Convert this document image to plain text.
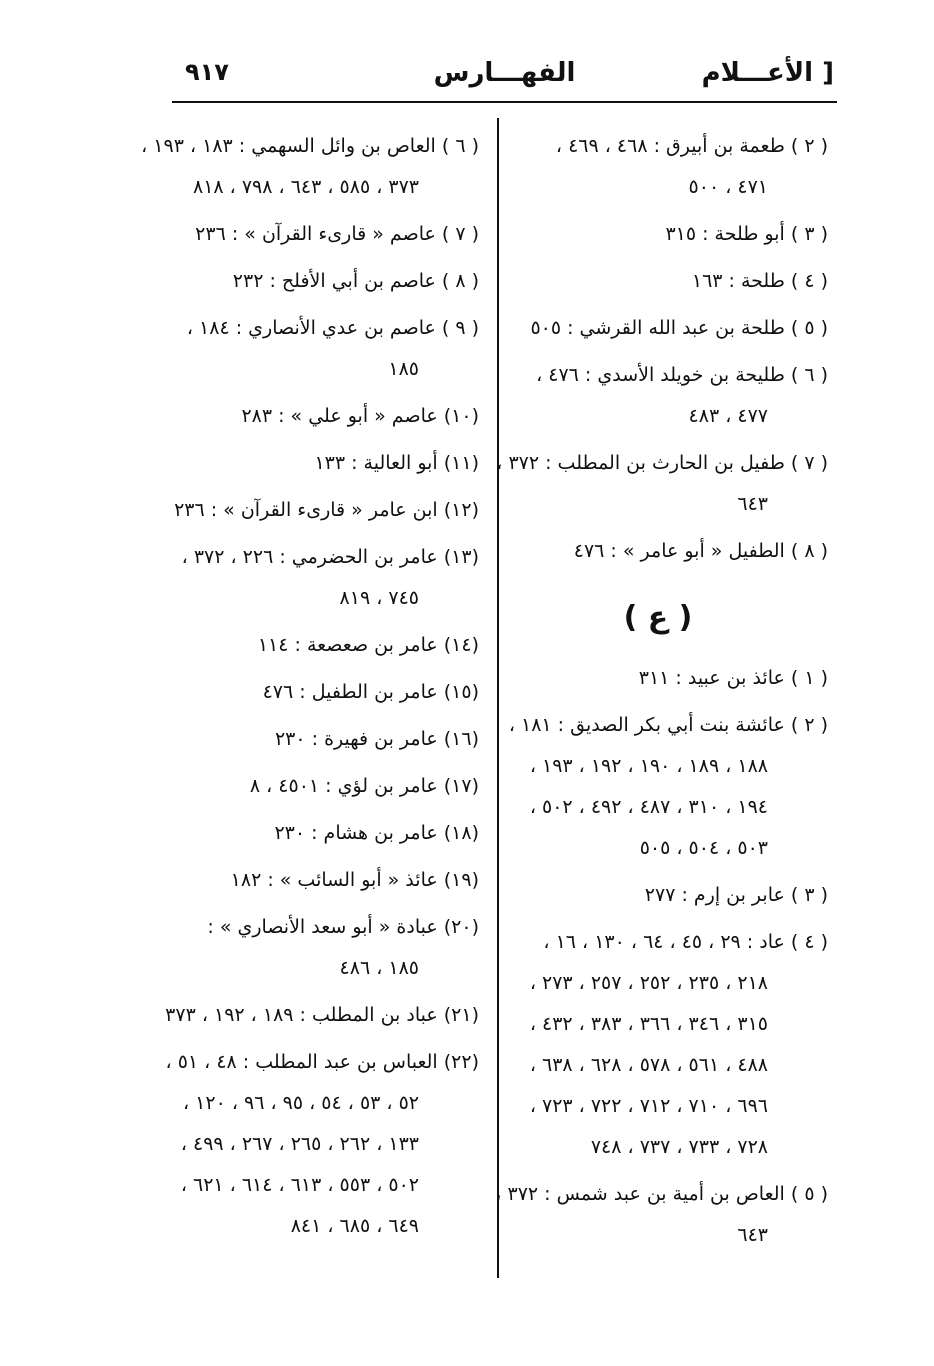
الأعـــلام ]
الفهـــارس
٩١٧
( ٢ ) طعمة بن أبيرق : ٤٦٨ ، ٤٦٩ ،
٤٧١ ، ٥٠٠
( ٣ ) أبو طلحة : ٣١٥
( ٤ ) طلحة : ١٦٣
( ٥ ) طلحة بن عبد الله القرشي : ٥٠٥
( ٦ ) طليحة بن خويلد الأسدي : ٤٧٦ ،
٤٧٧ ، ٤٨٣
( ٧ ) طفيل بن الحارث بن المطلب : ٣٧٢ ،
٦٤٣
( ٨ ) الطفيل « أبو عامر » : ٤٧٦
( ع )
( ١ ) عائذ بن عبيد : ٣١١
( ٢ ) عائشة بنت أبي بكر الصديق : ١٨١ ،
١٨٨ ، ١٨٩ ، ١٩٠ ، ١٩٢ ، ١٩٣ ،
١٩٤ ، ٣١٠ ، ٤٨٧ ، ٤٩٢ ، ٥٠٢ ،
٥٠٣ ، ٥٠٤ ، ٥٠٥
( ٣ ) عابر بن إرم : ٢٧٧
( ٤ ) عاد : ٢٩ ، ٤٥ ، ٦٤ ، ١٣٠ ، ١٦ ،
٢١٨ ، ٢٣٥ ، ٢٥٢ ، ٢٥٧ ، ٢٧٣ ،
٣١٥ ، ٣٤٦ ، ٣٦٦ ، ٣٨٣ ، ٤٣٢ ،
٤٨٨ ، ٥٦١ ، ٥٧٨ ، ٦٢٨ ، ٦٣٨ ،
٦٩٦ ، ٧١٠ ، ٧١٢ ، ٧٢٢ ، ٧٢٣ ،
٧٢٨ ، ٧٣٣ ، ٧٣٧ ، ٧٤٨
( ٥ ) العاص بن أمية بن عبد شمس : ٣٧٢ ،
٦٤٣
( ٦ ) العاص بن وائل السهمي : ١٨٣ ، ١٩٣ ،
٣٧٣ ، ٥٨٥ ، ٦٤٣ ، ٧٩٨ ، ٨١٨
( ٧ ) عاصم « قارىء القرآن » : ٢٣٦
( ٨ ) عاصم بن أبي الأفلح : ٢٣٢
( ٩ ) عاصم بن عدي الأنصاري : ١٨٤ ،
١٨٥
(١٠) عاصم « أبو علي » : ٢٨٣
(١١) أبو العالية : ١٣٣
(١٢) ابن عامر « قارىء القرآن » : ٢٣٦
(١٣) عامر بن الحضرمي : ٢٢٦ ، ٣٧٢ ،
٧٤٥ ، ٨١٩
(١٤) عامر بن صعصعة : ١١٤
(١٥) عامر بن الطفيل : ٤٧٦
(١٦) عامر بن فهيرة : ٢٣٠
(١٧) عامر بن لؤي : ٤٥٠١ ، ٨
(١٨) عامر بن هشام : ٢٣٠
(١٩) عائذ « أبو السائب » : ١٨٢
(٢٠) عبادة « أبو سعد الأنصاري » :
١٨٥ ، ٤٨٦
(٢١) عباد بن المطلب : ١٨٩ ، ١٩٢ ، ٣٧٣
(٢٢) العباس بن عبد المطلب : ٤٨ ، ٥١ ،
٥٢ ، ٥٣ ، ٥٤ ، ٩٥ ، ٩٦ ، ١٢٠ ،
١٣٣ ، ٢٦٢ ، ٢٦٥ ، ٢٦٧ ، ٤٩٩ ،
٥٠٢ ، ٥٥٣ ، ٦١٣ ، ٦١٤ ، ٦٢١ ،
٦٤٩ ، ٦٨٥ ، ٨٤١
